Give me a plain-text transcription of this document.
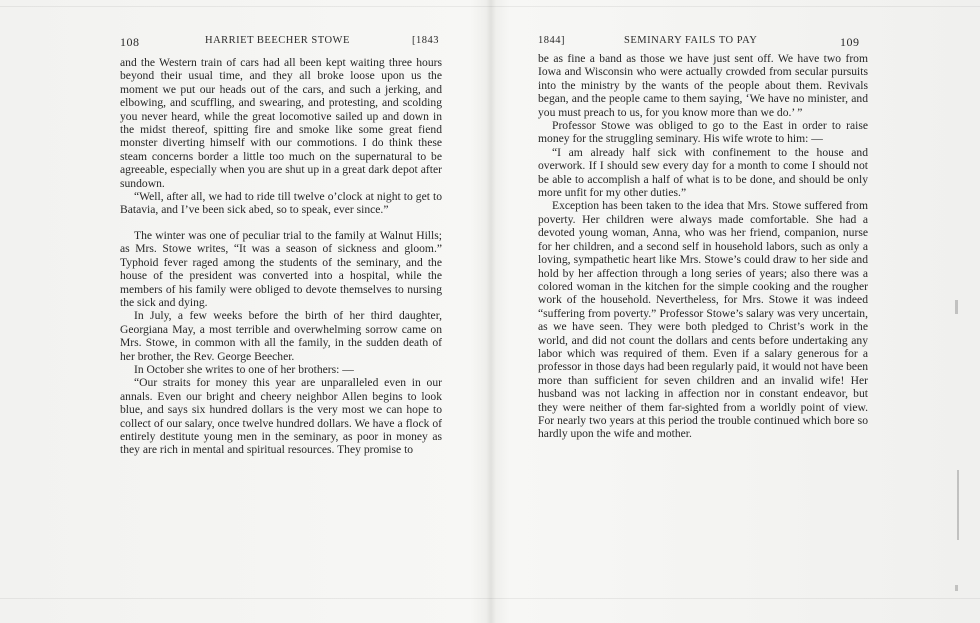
108	HARRIET BEECHER STOWE	[1843

and the Western train of cars had all been kept waiting three hours beyond their usual time, and they all broke loose upon us the moment we put our heads out of the cars, and such a jerking, and elbowing, and scuffling, and swearing, and protesting, and scolding you never heard, while the great locomotive sailed up and down in the midst thereof, spitting fire and smoke like some great fiend monster diverting himself with our commotions. I do think these steam concerns border a little too much on the supernatural to be agreeable, especially when you are shut up in a great dark depot after sundown.

“Well, after all, we had to ride till twelve o’clock at night to get to Batavia, and I’ve been sick abed, so to speak, ever since.”

The winter was one of peculiar trial to the family at Walnut Hills; as Mrs. Stowe writes, “It was a season of sickness and gloom.” Typhoid fever raged among the students of the seminary, and the house of the president was converted into a hospital, while the members of his family were obliged to devote themselves to nursing the sick and dying.

In July, a few weeks before the birth of her third daughter, Georgiana May, a most terrible and overwhelming sorrow came on Mrs. Stowe, in common with all the family, in the sudden death of her brother, the Rev. George Beecher.

In October she writes to one of her brothers: —

“Our straits for money this year are unparalleled even in our annals. Even our bright and cheery neighbor Allen begins to look blue, and says six hundred dollars is the very most we can hope to collect of our salary, once twelve hundred dollars. We have a flock of entirely destitute young men in the seminary, as poor in money as they are rich in mental and spiritual resources. They promise to

1844]	SEMINARY FAILS TO PAY	109

be as fine a band as those we have just sent off. We have two from Iowa and Wisconsin who were actually crowded from secular pursuits into the ministry by the wants of the people about them. Revivals began, and the people came to them saying, ‘We have no minister, and you must preach to us, for you know more than we do.’ ”

Professor Stowe was obliged to go to the East in order to raise money for the struggling seminary. His wife wrote to him: —

“I am already half sick with confinement to the house and overwork. If I should sew every day for a month to come I should not be able to accomplish a half of what is to be done, and should be only more unfit for my other duties.”

Exception has been taken to the idea that Mrs. Stowe suffered from poverty. Her children were always made comfortable. She had a devoted young woman, Anna, who was her friend, companion, nurse for her children, and a second self in household labors, such as only a loving, sympathetic heart like Mrs. Stowe’s could draw to her side and hold by her affection through a long series of years; also there was a colored woman in the kitchen for the simple cooking and the rougher work of the household. Nevertheless, for Mrs. Stowe it was indeed “suffering from poverty.” Professor Stowe’s salary was very uncertain, as we have seen. They were both pledged to Christ’s work in the world, and did not count the dollars and cents before undertaking any labor which was required of them. Even if a salary generous for a professor in those days had been regularly paid, it would not have been more than sufficient for seven children and an invalid wife! Her husband was not lacking in affection nor in constant endeavor, but they were neither of them far-sighted from a worldly point of view. For nearly two years at this period the trouble continued which bore so hardly upon the wife and mother.
